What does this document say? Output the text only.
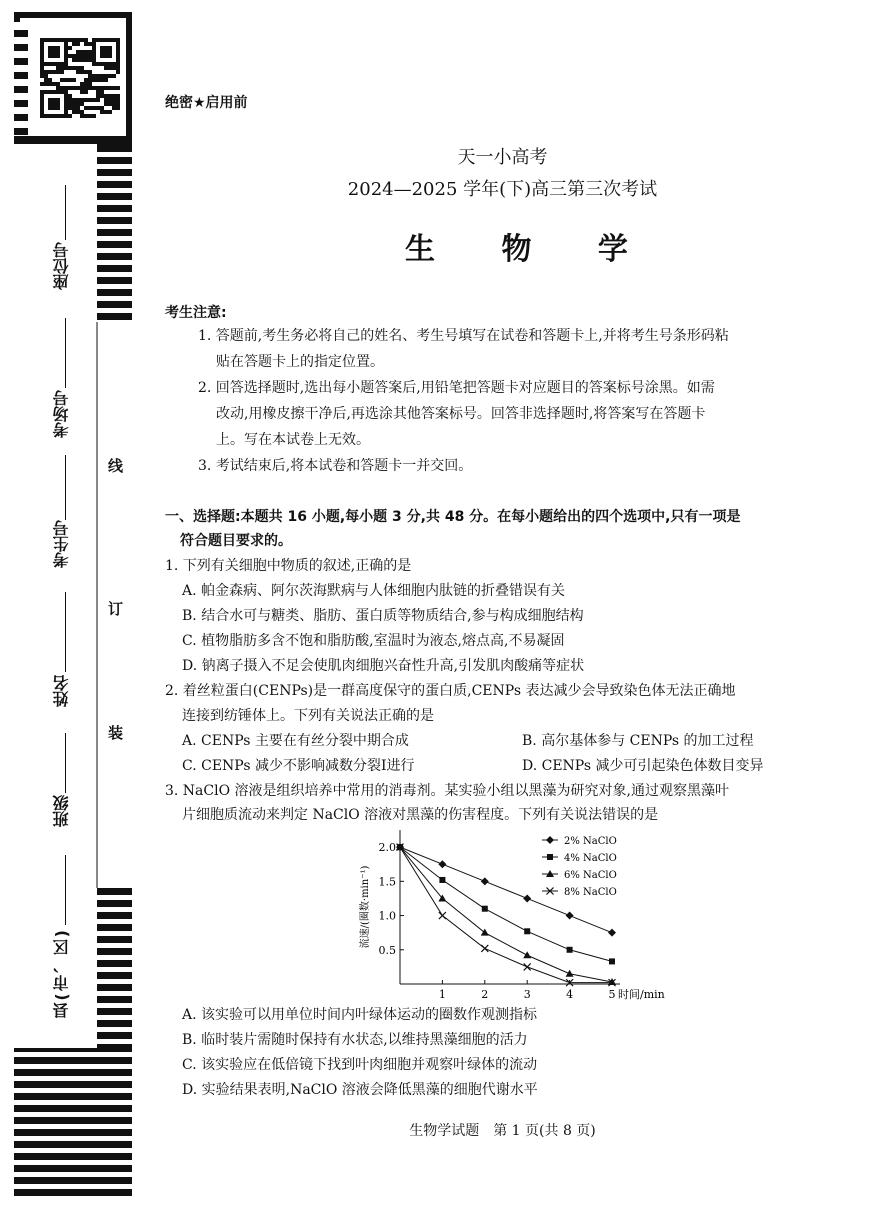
座位号
考场号
考生号
姓名
班级
县(市、区)
线
订
装
绝密★启用前
天一小高考
2024—2025 学年(下)高三第三次考试
生 物 学
考生注意:
1. 答题前,考生务必将自己的姓名、考生号填写在试卷和答题卡上,并将考生号条形码粘
贴在答题卡上的指定位置。
2. 回答选择题时,选出每小题答案后,用铅笔把答题卡对应题目的答案标号涂黑。如需
改动,用橡皮擦干净后,再选涂其他答案标号。回答非选择题时,将答案写在答题卡
上。写在本试卷上无效。
3. 考试结束后,将本试卷和答题卡一并交回。
一、选择题:本题共 16 小题,每小题 3 分,共 48 分。在每小题给出的四个选项中,只有一项是
符合题目要求的。
1. 下列有关细胞中物质的叙述,正确的是
A. 帕金森病、阿尔茨海默病与人体细胞内肽链的折叠错误有关
B. 结合水可与糖类、脂肪、蛋白质等物质结合,参与构成细胞结构
C. 植物脂肪多含不饱和脂肪酸,室温时为液态,熔点高,不易凝固
D. 钠离子摄入不足会使肌肉细胞兴奋性升高,引发肌肉酸痛等症状
2. 着丝粒蛋白(CENPs)是一群高度保守的蛋白质,CENPs 表达减少会导致染色体无法正确地
连接到纺锤体上。下列有关说法正确的是
A. CENPs 主要在有丝分裂中期合成	B. 高尔基体参与 CENPs 的加工过程
C. CENPs 减少不影响减数分裂Ⅰ进行	D. CENPs 减少可引起染色体数目变异
3. NaClO 溶液是组织培养中常用的消毒剂。某实验小组以黑藻为研究对象,通过观察黑藻叶
片细胞质流动来判定 NaClO 溶液对黑藻的伤害程度。下列有关说法错误的是
0.5
1.0
1.5
2.0
1	2	3	4	5 时间/min
流速/(圈数·min⁻¹)
2% NaClO
4% NaClO
6% NaClO
8% NaClO
A. 该实验可以用单位时间内叶绿体运动的圈数作观测指标
B. 临时装片需随时保持有水状态,以维持黑藻细胞的活力
C. 该实验应在低倍镜下找到叶肉细胞并观察叶绿体的流动
D. 实验结果表明,NaClO 溶液会降低黑藻的细胞代谢水平
生物学试题　第 1 页(共 8 页)
